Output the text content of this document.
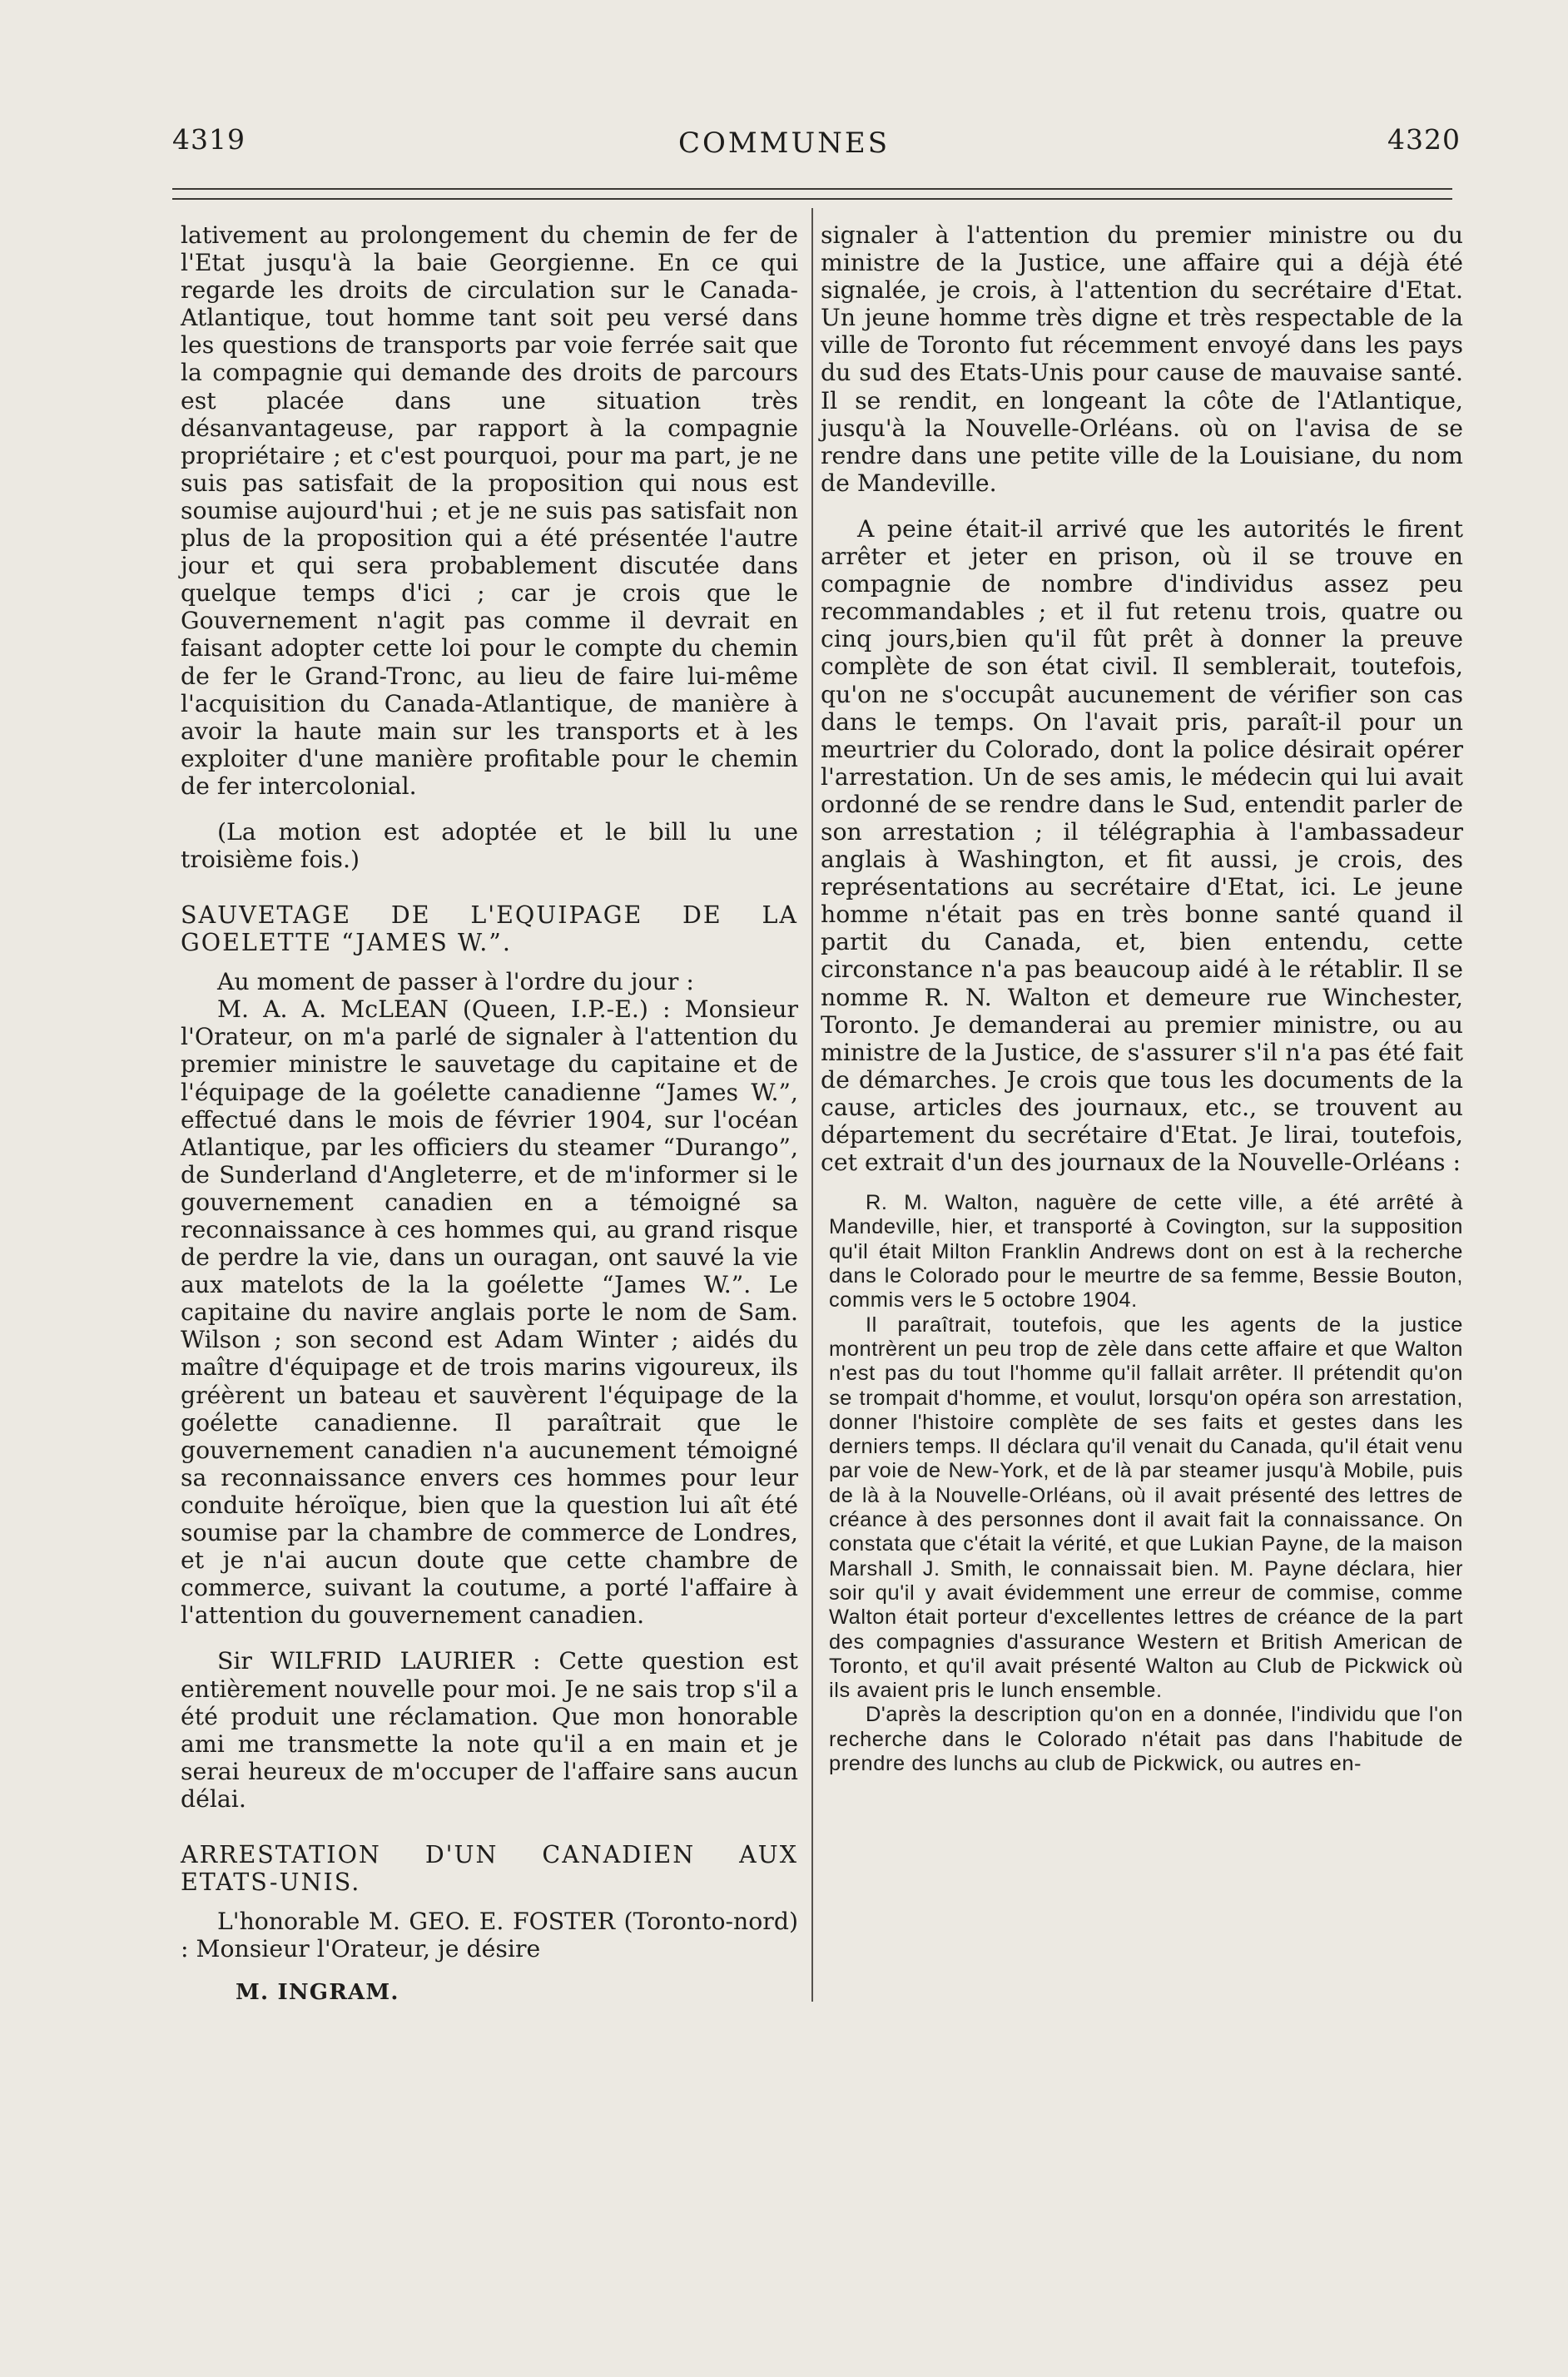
4319	COMMUNES	4320

lativement au prolongement du chemin de fer de l'Etat jusqu'à la baie Georgienne. En ce qui regarde les droits de circulation sur le Canada-Atlantique, tout homme tant soit peu versé dans les questions de transports par voie ferrée sait que la compagnie qui demande des droits de parcours est placée dans une situation très désanvantageuse, par rapport à la compagnie propriétaire ; et c'est pourquoi, pour ma part, je ne suis pas satisfait de la proposition qui nous est soumise aujourd'hui ; et je ne suis pas satisfait non plus de la proposition qui a été présentée l'autre jour et qui sera probablement discutée dans quelque temps d'ici ; car je crois que le Gouvernement n'agit pas comme il devrait en faisant adopter cette loi pour le compte du chemin de fer le Grand-Tronc, au lieu de faire lui-même l'acquisition du Canada-Atlantique, de manière à avoir la haute main sur les transports et à les exploiter d'une manière profitable pour le chemin de fer intercolonial.

(La motion est adoptée et le bill lu une troisième fois.)

SAUVETAGE DE L'EQUIPAGE DE LA GOELETTE “JAMES W.”.

Au moment de passer à l'ordre du jour :

M. A. A. McLEAN (Queen, I.P.-E.) : Monsieur l'Orateur, on m'a parlé de signaler à l'attention du premier ministre le sauvetage du capitaine et de l'équipage de la goélette canadienne “James W.”, effectué dans le mois de février 1904, sur l'océan Atlantique, par les officiers du steamer “Durango”, de Sunderland d'Angleterre, et de m'informer si le gouvernement canadien en a témoigné sa reconnaissance à ces hommes qui, au grand risque de perdre la vie, dans un ouragan, ont sauvé la vie aux matelots de la la goélette “James W.”. Le capitaine du navire anglais porte le nom de Sam. Wilson ; son second est Adam Winter ; aidés du maître d'équipage et de trois marins vigoureux, ils gréèrent un bateau et sauvèrent l'équipage de la goélette canadienne. Il paraîtrait que le gouvernement canadien n'a aucunement témoigné sa reconnaissance envers ces hommes pour leur conduite héroïque, bien que la question lui aît été soumise par la chambre de commerce de Londres, et je n'ai aucun doute que cette chambre de commerce, suivant la coutume, a porté l'affaire à l'attention du gouvernement canadien.

Sir WILFRID LAURIER : Cette question est entièrement nouvelle pour moi. Je ne sais trop s'il a été produit une réclamation. Que mon honorable ami me transmette la note qu'il a en main et je serai heureux de m'occuper de l'affaire sans aucun délai.

ARRESTATION D'UN CANADIEN AUX ETATS-UNIS.

L'honorable M. GEO. E. FOSTER (Toronto-nord) : Monsieur l'Orateur, je désire

M. INGRAM.

signaler à l'attention du premier ministre ou du ministre de la Justice, une affaire qui a déjà été signalée, je crois, à l'attention du secrétaire d'Etat. Un jeune homme très digne et très respectable de la ville de Toronto fut récemment envoyé dans les pays du sud des Etats-Unis pour cause de mauvaise santé. Il se rendit, en longeant la côte de l'Atlantique, jusqu'à la Nouvelle-Orléans. où on l'avisa de se rendre dans une petite ville de la Louisiane, du nom de Mandeville.

A peine était-il arrivé que les autorités le firent arrêter et jeter en prison, où il se trouve en compagnie de nombre d'individus assez peu recommandables ; et il fut retenu trois, quatre ou cinq jours,bien qu'il fût prêt à donner la preuve complète de son état civil. Il semblerait, toutefois, qu'on ne s'occupât aucunement de vérifier son cas dans le temps. On l'avait pris, paraît-il pour un meurtrier du Colorado, dont la police désirait opérer l'arrestation. Un de ses amis, le médecin qui lui avait ordonné de se rendre dans le Sud, entendit parler de son arrestation ; il télégraphia à l'ambassadeur anglais à Washington, et fit aussi, je crois, des représentations au secrétaire d'Etat, ici. Le jeune homme n'était pas en très bonne santé quand il partit du Canada, et, bien entendu, cette circonstance n'a pas beaucoup aidé à le rétablir. Il se nomme R. N. Walton et demeure rue Winchester, Toronto. Je demanderai au premier ministre, ou au ministre de la Justice, de s'assurer s'il n'a pas été fait de démarches. Je crois que tous les documents de la cause, articles des journaux, etc., se trouvent au département du secrétaire d'Etat. Je lirai, toutefois, cet extrait d'un des journaux de la Nouvelle-Orléans :

R. M. Walton, naguère de cette ville, a été arrêté à Mandeville, hier, et transporté à Covington, sur la supposition qu'il était Milton Franklin Andrews dont on est à la recherche dans le Colorado pour le meurtre de sa femme, Bessie Bouton, commis vers le 5 octobre 1904.

Il paraîtrait, toutefois, que les agents de la justice montrèrent un peu trop de zèle dans cette affaire et que Walton n'est pas du tout l'homme qu'il fallait arrêter. Il prétendit qu'on se trompait d'homme, et voulut, lorsqu'on opéra son arrestation, donner l'histoire complète de ses faits et gestes dans les derniers temps. Il déclara qu'il venait du Canada, qu'il était venu par voie de New-York, et de là par steamer jusqu'à Mobile, puis de là à la Nouvelle-Orléans, où il avait présenté des lettres de créance à des personnes dont il avait fait la connaissance. On constata que c'était la vérité, et que Lukian Payne, de la maison Marshall J. Smith, le connaissait bien. M. Payne déclara, hier soir qu'il y avait évidemment une erreur de commise, comme Walton était porteur d'excellentes lettres de créance de la part des compagnies d'assurance Western et British American de Toronto, et qu'il avait présenté Walton au Club de Pickwick où ils avaient pris le lunch ensemble.

D'après la description qu'on en a donnée, l'individu que l'on recherche dans le Colorado n'était pas dans l'habitude de prendre des lunchs au club de Pickwick, ou autres en-
